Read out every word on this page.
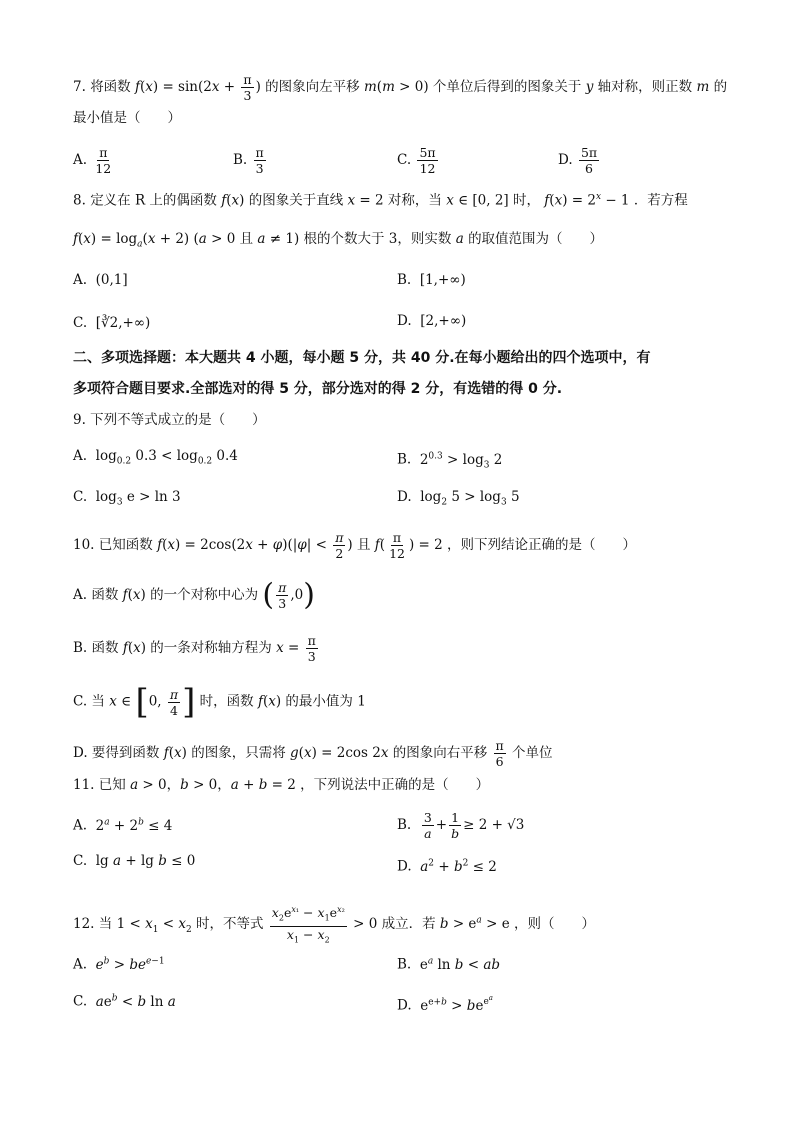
7. 将函数 $f(x) = \sin(2x + \frac{\pi}{3}$ ) 的图象向左平移 m(m > 0) 个单位后得到的图象关于 y 轴对称，则正数 m 的
最小值是（　　）
A. $\frac{\pi}{12}$	B. $\frac{\pi}{3}$	C. $\frac{5\pi}{12}$	D. $\frac{5\pi}{6}$
8. 定义在 R 上的偶函数 f(x) 的图象关于直线 x = 2 对称，当 x ∈ [0, 2] 时， $f(x) = 2^x - 1$ ．若方程
$f(x) = \log_a(x + 2) (a > 0$ 且 a ≠ 1) 根的个数大于 3，则实数 a 的取值范围为（　　）
A. (0,1]	B. [1,+∞)
C. [∛2,+∞)	D. [2,+∞)
二、多项选择题：本大题共 4 小题，每小题 5 分，共 40 分.在每小题给出的四个选项中，有
多项符合题目要求.全部选对的得 5 分，部分选对的得 2 分，有选错的得 0 分.
9. 下列不等式成立的是（　　）
A. $\log_{0.2} 0.3 < \log_{0.2} 0.4$	B. $2^{0.3} > \log_3 2$
C. $\log_3 e > \ln 3$	D. $\log_2 5 > \log_3 5$
10. 已知函数 $f(x) = 2\cos(2x + \varphi)(|\varphi| < \frac{\pi}{2}$ ) 且 $f( \frac{\pi}{12}$ ) = 2 ，则下列结论正确的是（　　）
A. 函数 f(x) 的一个对称中心为 ( $\frac{\pi}{3} ,0$)
B. 函数 f(x) 的一条对称轴方程为 $x = \frac{\pi}{3}$
C. 当 x ∈ [0, $\frac{\pi}{4}$ ] 时，函数 f(x) 的最小值为 1
D. 要得到函数 f(x) 的图象，只需将 g(x) = 2cos 2x 的图象向右平移 $\frac{\pi}{6}$ 个单位
11. 已知 a > 0，b > 0，a + b = 2 ，下列说法中正确的是（　　）
A. $2^a + 2^b \le 4$	B. $\frac{3}{a} + \frac{1}{b} \ge 2 + √3$
C. lg a + lg b ≤ 0	D. $a^2 + b^2 \le 2$
12. 当 $1 < x_1 < x_2$ 时，不等式 $\frac{x_2e^{x_1} - x_1e^{x_2}}{x_1 - x_2} > 0$ 成立．若 $b > e^a > e$ ，则（　　）
A. $e^b > be^{e-1}$	B. $e^a$ ln b < ab
C. $ae^b < b$ ln a	D. $e^{e+b} > be^{e^a}$
